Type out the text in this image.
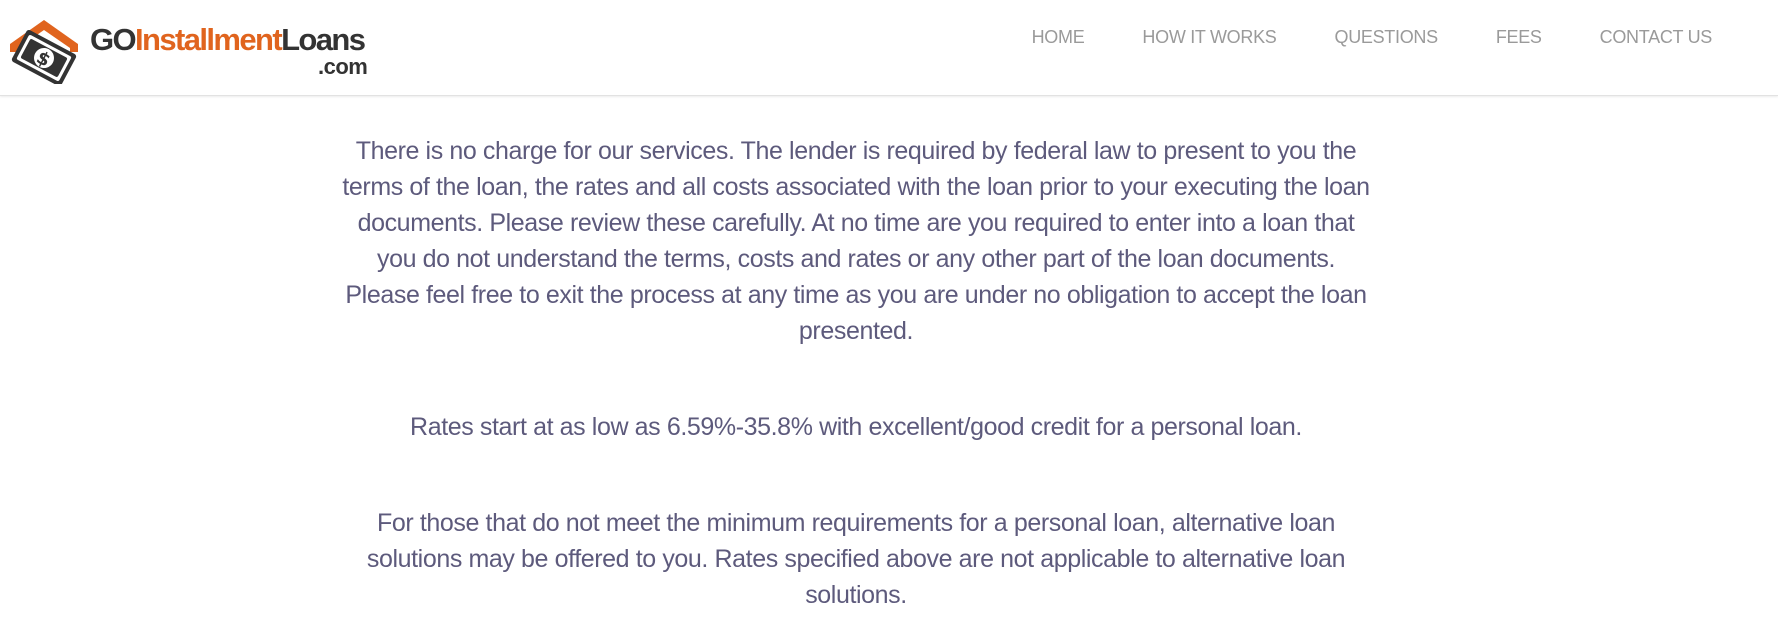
$
GOInstallmentLoans
.com
HOME	HOW IT WORKS	QUESTIONS	FEES	CONTACT US

There is no charge for our services. The lender is required by federal law to present to you the terms of the loan, the rates and all costs associated with the loan prior to your executing the loan documents. Please review these carefully. At no time are you required to enter into a loan that you do not understand the terms, costs and rates or any other part of the loan documents. Please feel free to exit the process at any time as you are under no obligation to accept the loan presented.

Rates start at as low as 6.59%-35.8% with excellent/good credit for a personal loan.

For those that do not meet the minimum requirements for a personal loan, alternative loan solutions may be offered to you. Rates specified above are not applicable to alternative loan solutions.
